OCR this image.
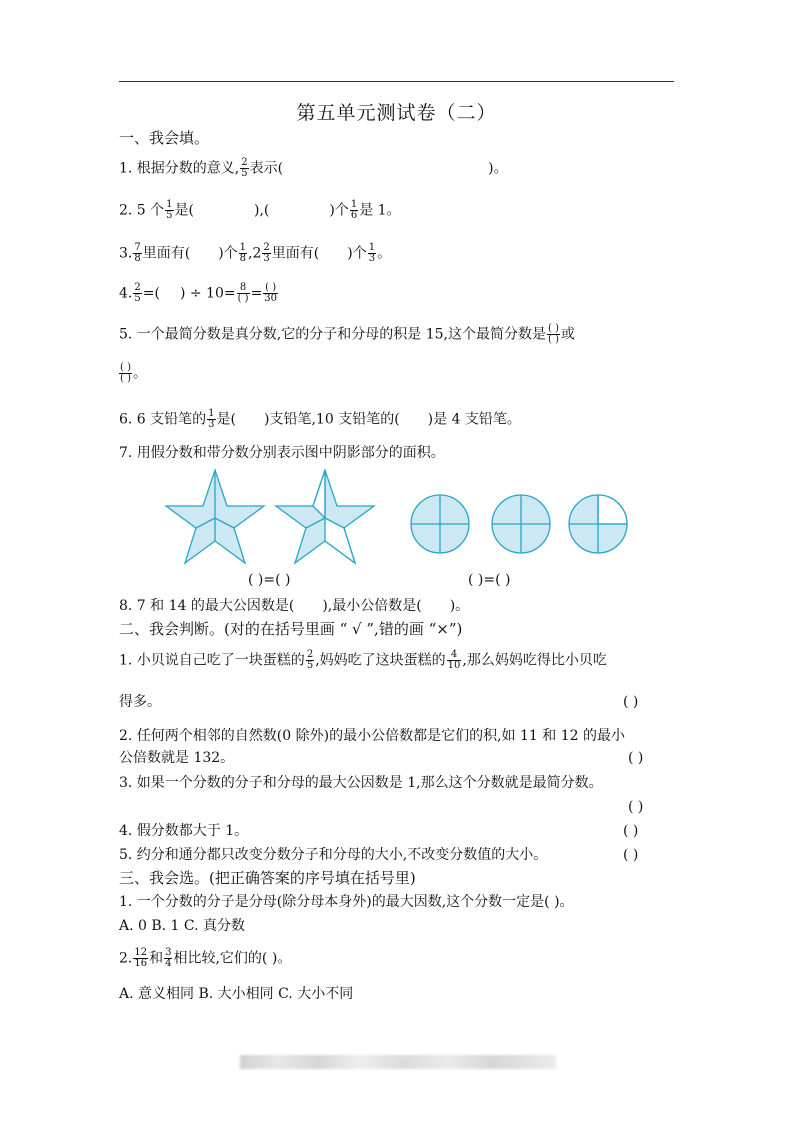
第五单元测试卷（二）
一、我会填。
1. 根据分数的意义, $\frac{2}{5}$ 表示(	)。
2. 5 个 $\frac{1}{5}$ 是(	),(	)个 $\frac{1}{6}$ 是 1。
3. $\frac{7}{8}$ 里面有( )个 $\frac{1}{8} ,2 \frac{2}{3}$ 里面有( )个 $\frac{1}{3}$ 。
4. $\frac{2}{5}$ =( ) ÷ 10= 8
( ) = ( )
30
5. 一个最简分数是真分数,它的分子和分母的积是 15,这个最简分数是 ( )
( ) 或
( )
( ) 。
6. 6 支铅笔的 $\frac{1}{3}$ 是( )支铅笔,10 支铅笔的( )是 4 支铅笔。
7. 用假分数和带分数分别表示图中阴影部分的面积。
( )=( )	( )=( )
8. 7 和 14 的最大公因数是( ),最小公倍数是( )。
二、我会判断。(对的在括号里画 “ √ ”,错的画 “×”)
1. 小贝说自己吃了一块蛋糕的 $\frac{2}{5}$ ,妈妈吃了这块蛋糕的 $\frac{4}{10}$ ,那么妈妈吃得比小贝吃
得多。	( )
2. 任何两个相邻的自然数(0 除外)的最小公倍数都是它们的积,如 11 和 12 的最小
公倍数就是 132。	( )
3. 如果一个分数的分子和分母的最大公因数是 1,那么这个分数就是最简分数。
( )
4. 假分数都大于 1。	( )
5. 约分和通分都只改变分数分子和分母的大小,不改变分数值的大小。	( )
三、我会选。(把正确答案的序号填在括号里)
1. 一个分数的分子是分母(除分母本身外)的最大因数,这个分数一定是( )。
A. 0 B. 1 C. 真分数
2. $\frac{12}{16}$ 和 $\frac{3}{4}$ 相比较,它们的( )。
A. 意义相同 B. 大小相同 C. 大小不同
